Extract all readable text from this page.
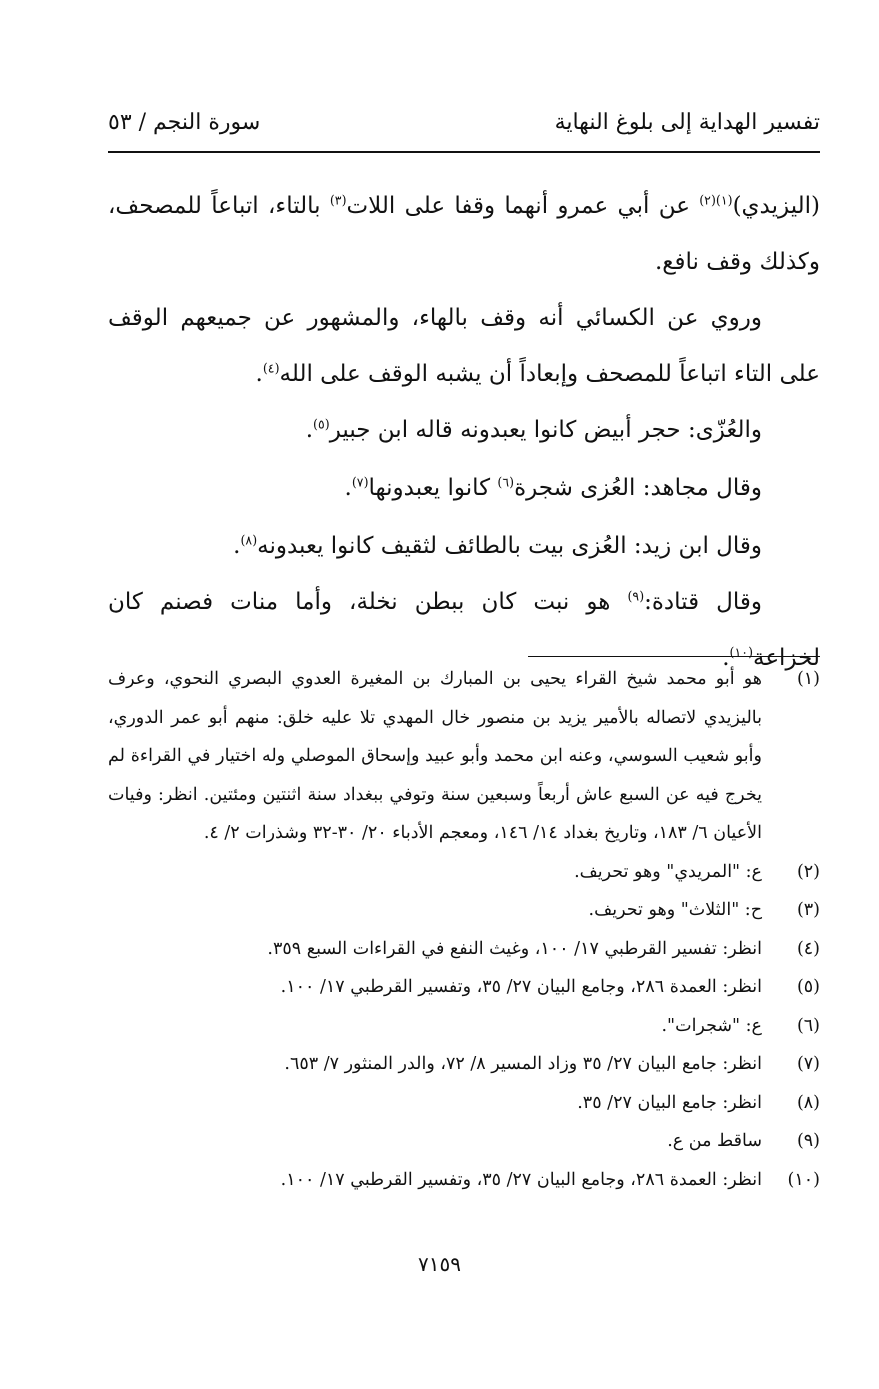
تفسير الهداية إلى بلوغ النهاية
سورة النجم / ٥٣
(اليزيدي)$^{(١)(٢)}$ عن أبي عمرو أنهما وقفا على اللات$^{(٣)}$ بالتاء، اتباعاً للمصحف، وكذلك وقف نافع.
وروي عن الكسائي أنه وقف بالهاء، والمشهور عن جميعهم الوقف على التاء اتباعاً للمصحف وإبعاداً أن يشبه الوقف على الله$^{(٤)}$.
والعُزّى: حجر أبيض كانوا يعبدونه قاله ابن جبير$^{(٥)}$.
وقال مجاهد: العُزى شجرة$^{(٦)}$ كانوا يعبدونها$^{(٧)}$.
وقال ابن زيد: العُزى بيت بالطائف لثقيف كانوا يعبدونه$^{(٨)}$.
وقال قتادة:$^{(٩)}$ هو نبت كان ببطن نخلة، وأما منات فصنم كان لخزاعة$^{(١٠)}$.
(١)
هو أبو محمد شيخ القراء يحيى بن المبارك بن المغيرة العدوي البصري النحوي، وعرف باليزيدي لاتصاله بالأمير يزيد بن منصور خال المهدي تلا عليه خلق: منهم أبو عمر الدوري، وأبو شعيب السوسي، وعنه ابن محمد وأبو عبيد وإسحاق الموصلي وله اختيار في القراءة لم يخرج فيه عن السبع عاش أربعاً وسبعين سنة وتوفي ببغداد سنة اثنتين ومئتين. انظر: وفيات الأعيان ٦/ ١٨٣، وتاريخ بغداد ١٤/ ١٤٦، ومعجم الأدباء ٢٠/ ٣٠-٣٢ وشذرات ٢/ ٤.
(٢)
ع: "المريدي" وهو تحريف.
(٣)
ح: "الثلاث" وهو تحريف.
(٤)
انظر: تفسير القرطبي ١٧/ ١٠٠، وغيث النفع في القراءات السبع ٣٥٩.
(٥)
انظر: العمدة ٢٨٦، وجامع البيان ٢٧/ ٣٥، وتفسير القرطبي ١٧/ ١٠٠.
(٦)
ع: "شجرات".
(٧)
انظر: جامع البيان ٢٧/ ٣٥ وزاد المسير ٨/ ٧٢، والدر المنثور ٧/ ٦٥٣.
(٨)
انظر: جامع البيان ٢٧/ ٣٥.
(٩)
ساقط من ع.
(١٠)
انظر: العمدة ٢٨٦، وجامع البيان ٢٧/ ٣٥، وتفسير القرطبي ١٧/ ١٠٠.
٧١٥٩
